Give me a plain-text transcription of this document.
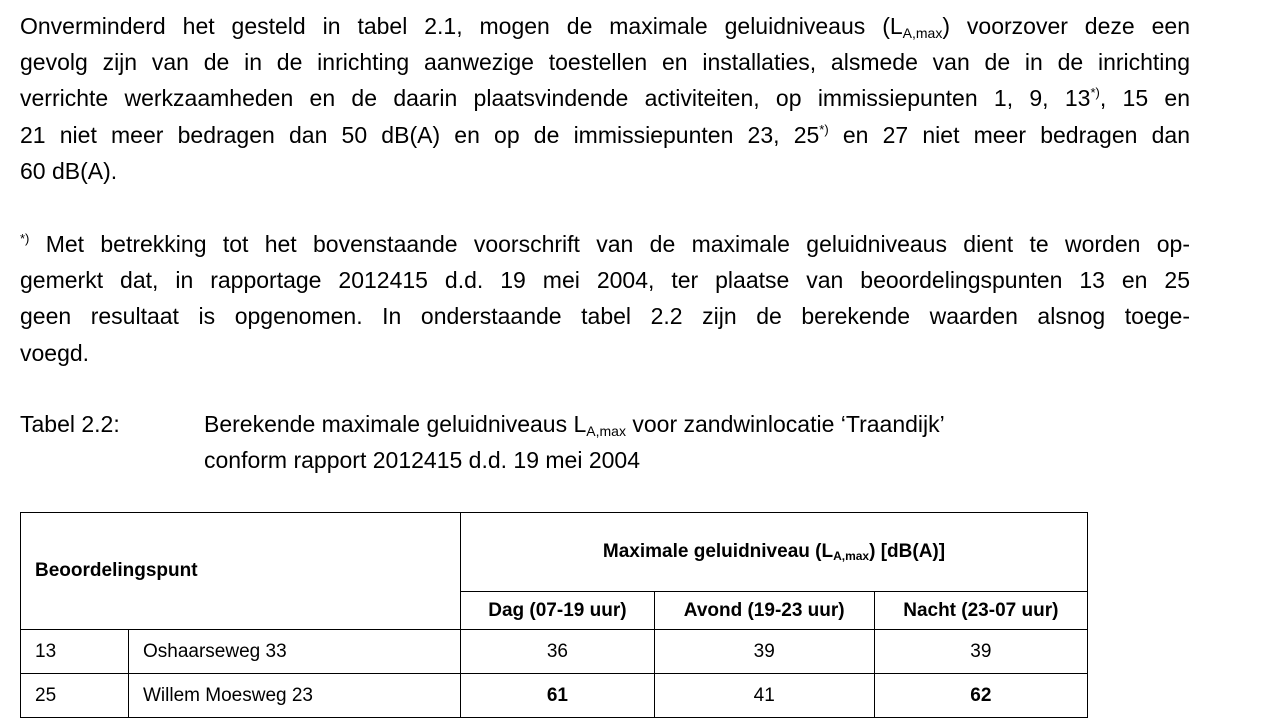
Onverminderd het gesteld in tabel 2.1, mogen de maximale geluidniveaus $(L_{A,max})$ voorzover deze een
gevolg zijn van de in de inrichting aanwezige toestellen en installaties, alsmede van de in de inrichting
verrichte werkzaamheden en de daarin plaatsvindende activiteiten, op immissiepunten 1, 9, 13*), 15 en
21 niet meer bedragen dan 50 dB(A) en op de immissiepunten 23, 25*) en 27 niet meer bedragen dan
60 dB(A).

*) Met betrekking tot het bovenstaande voorschrift van de maximale geluidniveaus dient te worden op-
gemerkt dat, in rapportage 2012415 d.d. 19 mei 2004, ter plaatse van beoordelingspunten 13 en 25
geen resultaat is opgenomen. In onderstaande tabel 2.2 zijn de berekende waarden alsnog toege-
voegd.

Tabel 2.2:	Berekende maximale geluidniveaus $L_{A,max}$ voor zandwinlocatie ‘Traandijk’
conform rapport 2012415 d.d. 19 mei 2004
Beoordelingspunt		Maximale geluidniveau $(L_{A,max})$ [dB(A)]		
		Dag (07-19 uur)	Avond (19-23 uur)	Nacht (23-07 uur)
13	Oshaarseweg 33	36	39	39
25	Willem Moesweg 23	61	41	62
